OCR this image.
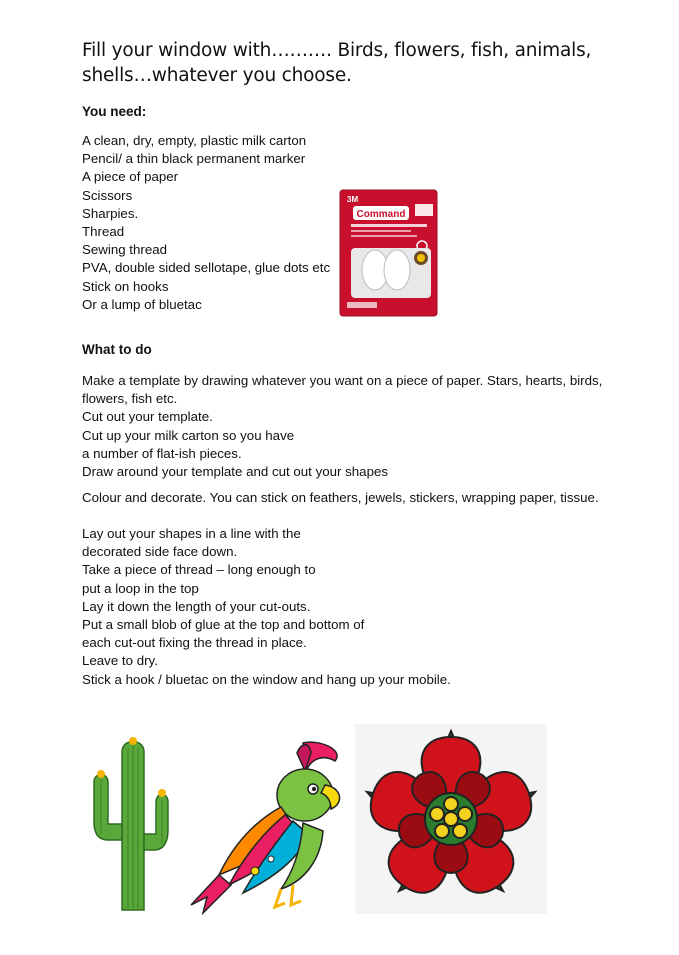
Fill your window with………. Birds, flowers, fish, animals,
shells…whatever you choose.
You need:
A clean, dry, empty, plastic milk carton
Pencil/ a thin black permanent marker
A piece of paper
Scissors
Sharpies.
Thread
Sewing thread
PVA, double sided sellotape, glue dots etc
Stick on hooks
Or a lump of bluetac
3M
Command
What to do
Make a template by drawing whatever you want on a piece of paper. Stars, hearts, birds,
flowers, fish etc.
Cut out your template.
Cut up your milk carton so you have
a number of flat-ish pieces.
Draw around your template and cut out your shapes
Colour and decorate. You can stick on feathers, jewels, stickers, wrapping paper, tissue.
Lay out your shapes in a line with the
decorated side face down.
Take a piece of thread – long enough to
put a loop in the top
Lay it down the length of your cut-outs.
Put a small blob of glue at the top and bottom of
each cut-out fixing the thread in place.
Leave to dry.
Stick a hook / bluetac on the window and hang up your mobile.
